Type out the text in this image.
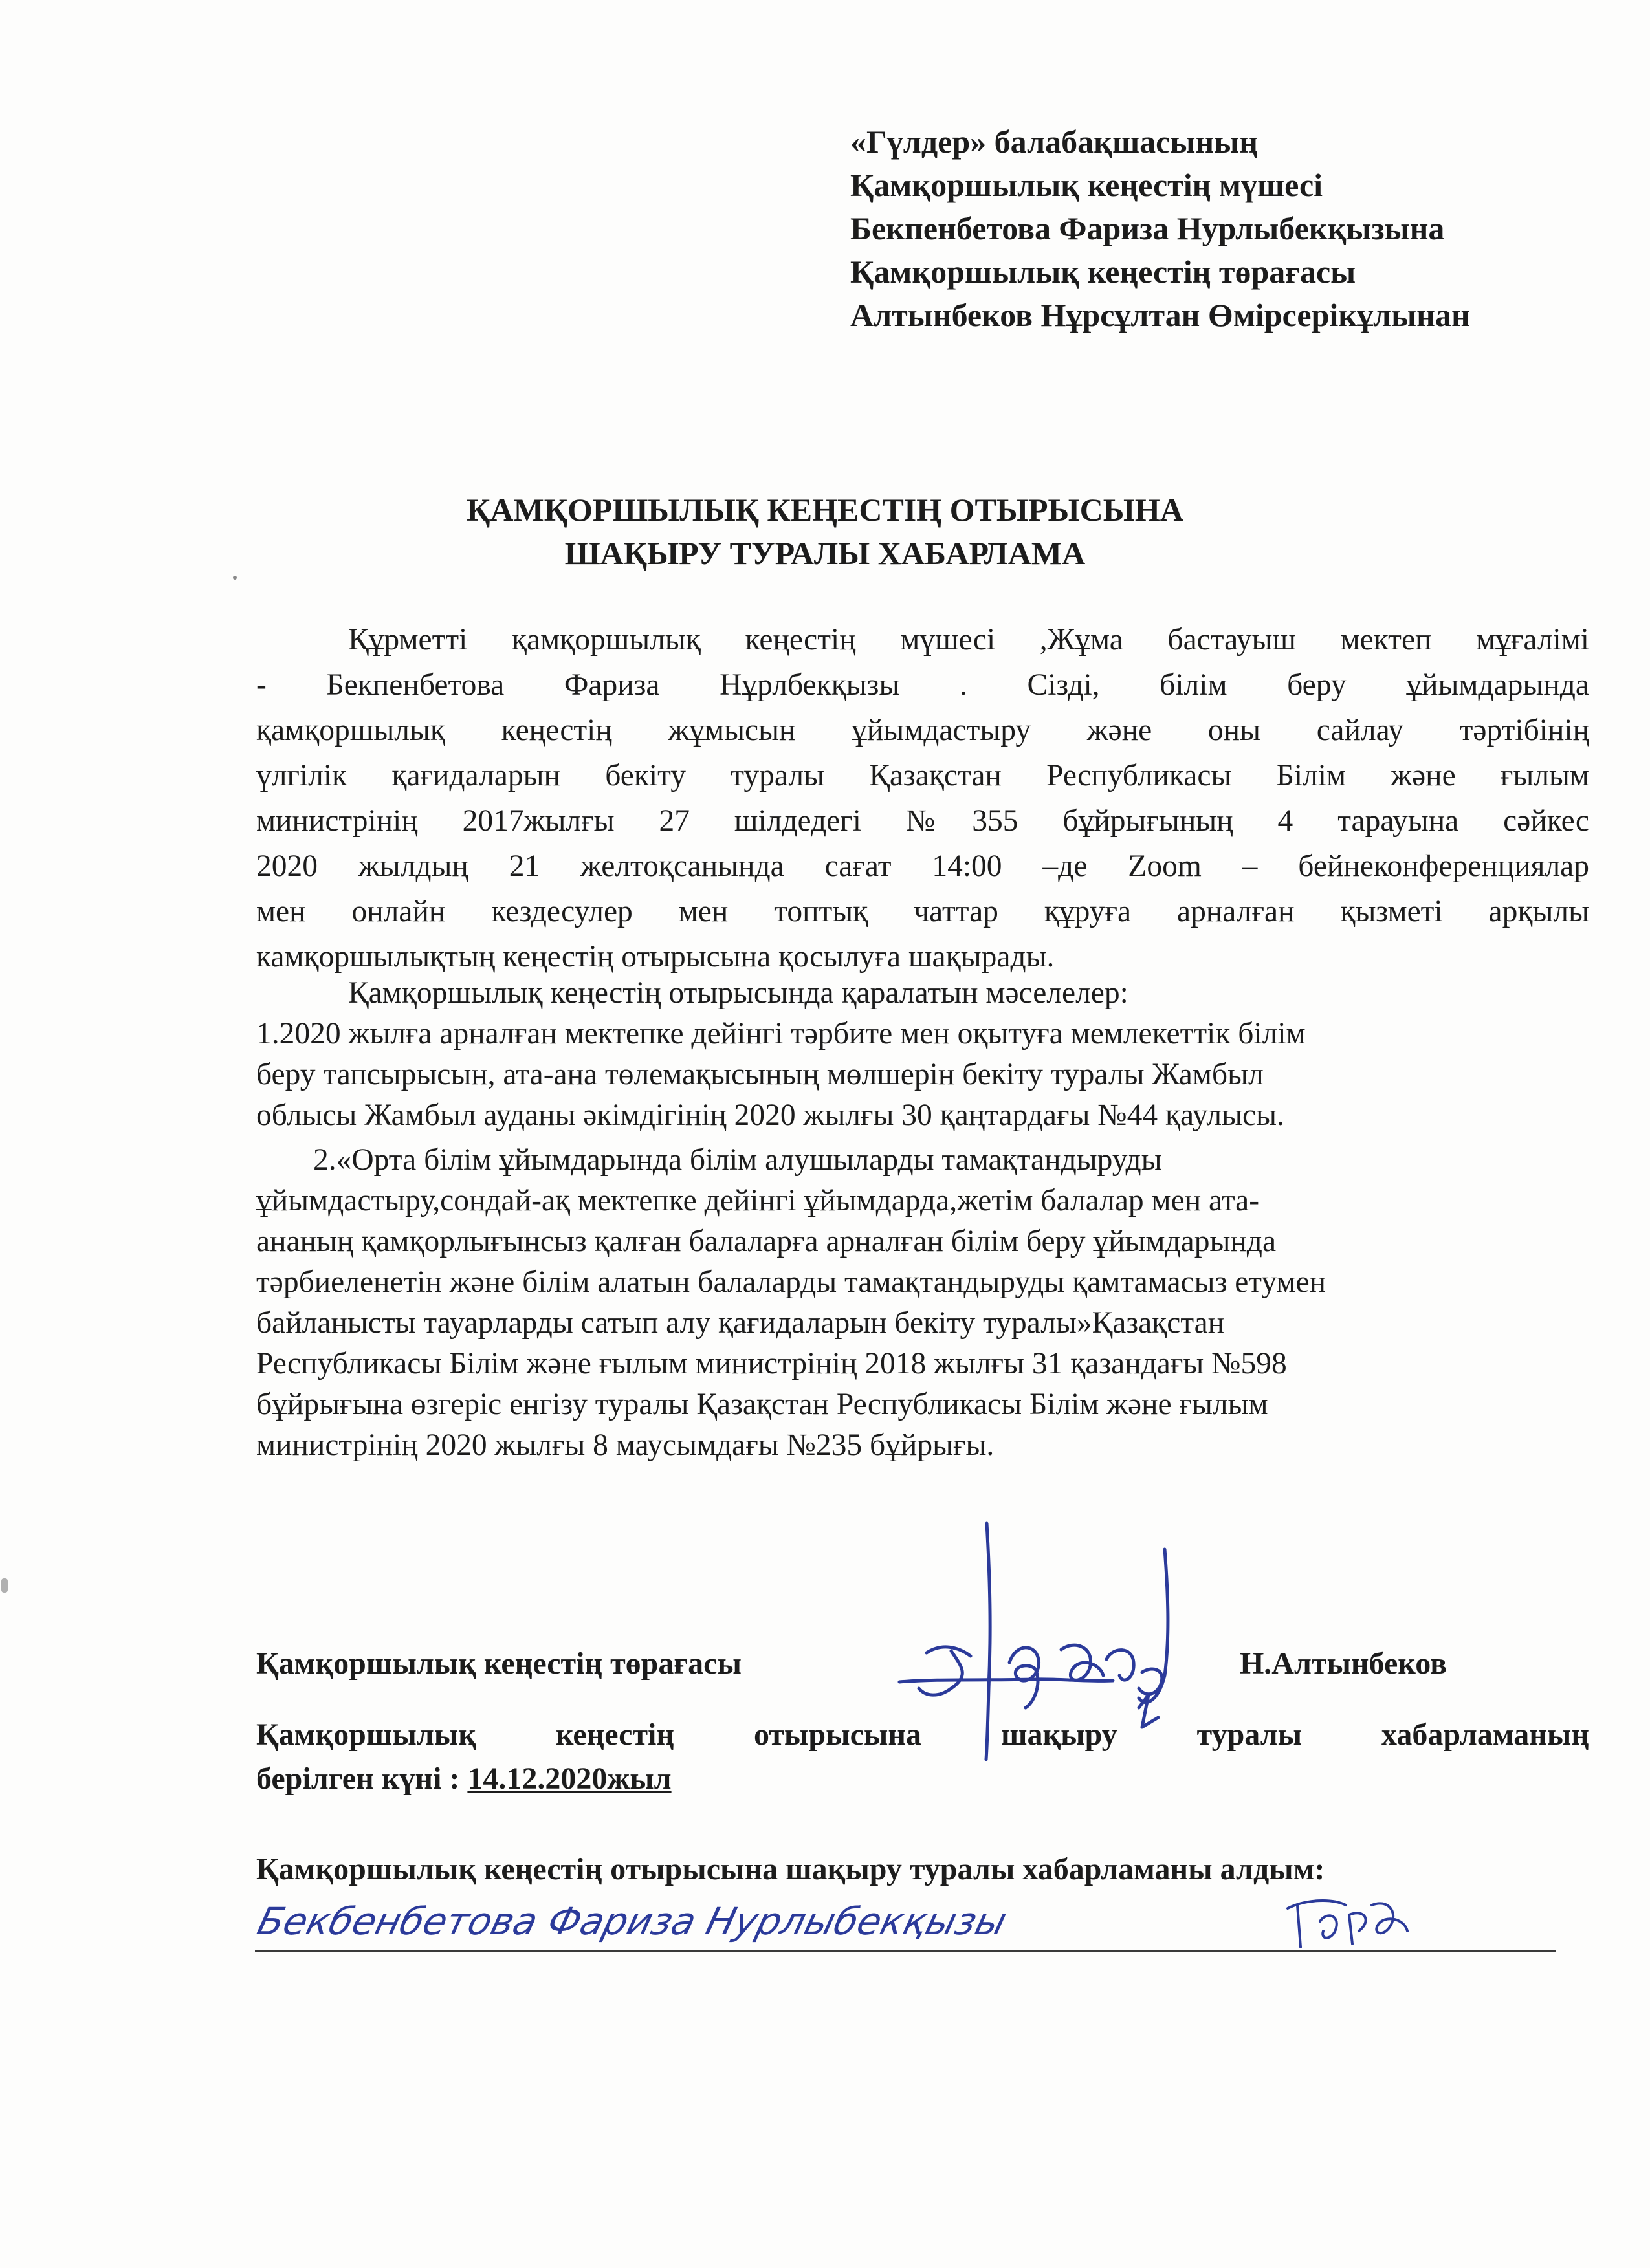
«Гүлдер» балабақшасының
Қамқоршылық кеңестің мүшесі
Бекпенбетова Фариза Нурлыбекқызына
Қамқоршылық кеңестің төрағасы
Алтынбеков Нұрсұлтан Өмірсерікұлынан
ҚАМҚОРШЫЛЫҚ КЕҢЕСТІҢ ОТЫРЫСЫНА
ШАҚЫРУ ТУРАЛЫ ХАБАРЛАМА
Құрметті қамқоршылық кеңестің мүшесі ,Жұма бастауыш мектеп мұғалімі
- Бекпенбетова Фариза Нұрлбекқызы . Сізді, білім беру ұйымдарында
қамқоршылық кеңестің жұмысын ұйымдастыру және оны сайлау тәртібінің
үлгілік қағидаларын бекіту туралы Қазақстан Республикасы Білім және ғылым
министрінің 2017жылғы 27 шілдедегі №355 бұйрығының 4 тарауына сәйкес
2020 жылдың 21 желтоқсанында сағат 14:00 –де Zoom – бейнеконференциялар
мен онлайн кездесулер мен топтық чаттар құруға арналған қызметі арқылы
камқоршылықтың кеңестің отырысына қосылуға шақырады.
Қамқоршылық кеңестің отырысында қаралатын мәселелер:
1.2020 жылға арналған мектепке дейінгі тәрбите мен оқытуға мемлекеттік білім
беру тапсырысын, ата-ана төлемақысының мөлшерін бекіту туралы Жамбыл
облысы Жамбыл ауданы әкімдігінің 2020 жылғы 30 қаңтардағы №44 қаулысы.
2.«Орта білім ұйымдарында білім алушыларды тамақтандыруды
ұйымдастыру,сондай-ақ мектепке дейінгі ұйымдарда,жетім балалар мен ата-
ананың қамқорлығынсыз қалған балаларға арналған білім беру ұйымдарында
тәрбиеленетін және білім алатын балаларды тамақтандыруды қамтамасыз етумен
байланысты тауарларды сатып алу қағидаларын бекіту туралы»Қазақстан
Республикасы Білім және ғылым министрінің 2018 жылғы 31 қазандағы №598
бұйрығына өзгеріс енгізу туралы Қазақстан Республикасы Білім және ғылым
министрінің 2020 жылғы 8 маусымдағы №235 бұйрығы.
Қамқоршылық кеңестің төрағасы	Н.Алтынбеков
Қамқоршылық кеңестің отырысына шақыру туралы хабарламаның
берілген күні : 14.12.2020жыл
Қамқоршылық кеңестің отырысына шақыру туралы хабарламаны алдым:
Бекбенбетова Фариза Нурлыбекқызы
